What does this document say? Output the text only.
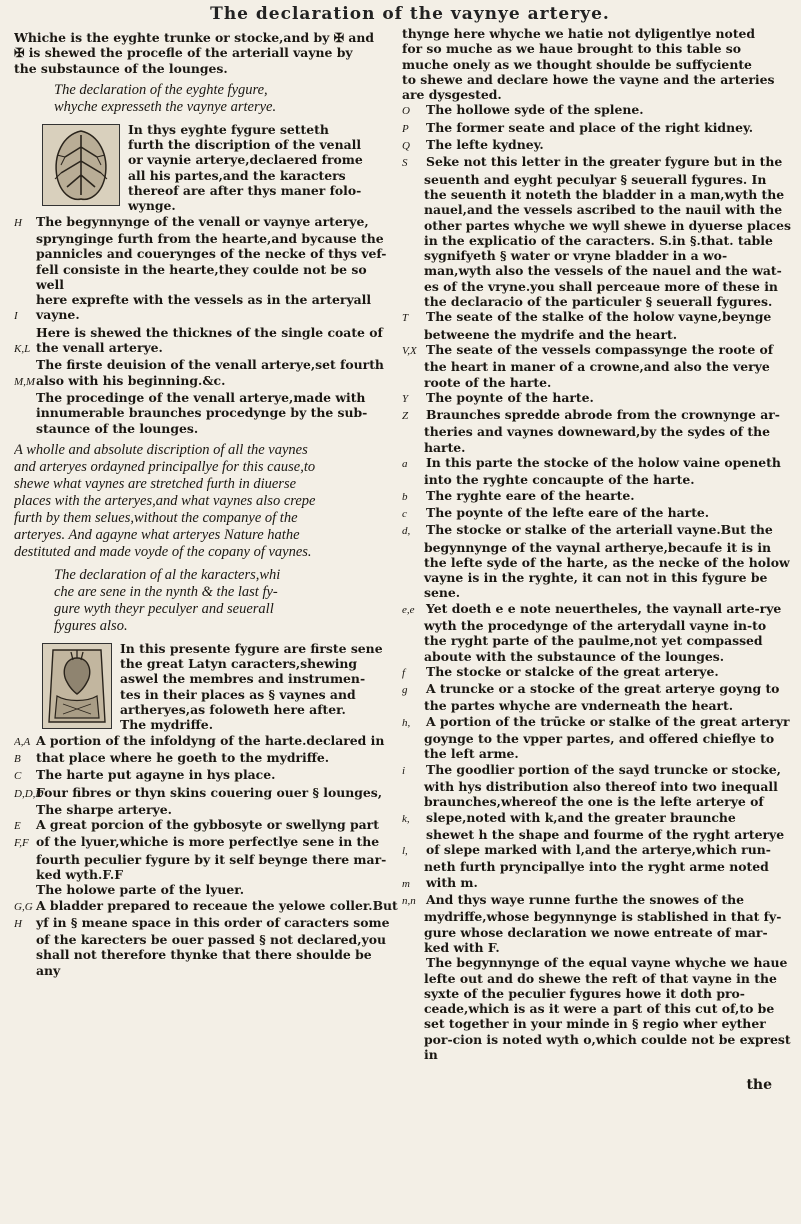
The declaration of the vaynye arterye.

Whiche is the eyghte trunke or stocke,and by ✠ and

✠ is shewed the procefle of the arteriall vayne by

the substaunce of the lounges.

The declaration of the eyghte fygure,

whyche expresseth the vaynye arterye.

In thys eyghte fygure setteth

furth the discription of the venall

or vaynie arterye,declaered frome

all his partes,and the karacters

thereof are after thys maner folo-

wynge.

H The begynnynge of the venall or vaynye arterye,

sprynginge furth from the hearte,and bycause the

pannicles and couerynges of the necke of thys vef-

fell consiste in the hearte,they coulde not be so well

here exprefte with the vessels as in the arteryall

I vayne.

Here is shewed the thicknes of the single coate of

K,L the venall arterye.

The firste deuision of the venall arterye,set fourth

M,Malso with his beginning.&c.

The procedinge of the venall arterye,made with

innumerable braunches procedynge by the sub-

staunce of the lounges.

A wholle and absolute discription of all the vaynes

and arteryes ordayned principallye for this cause,to

shewe what vaynes are stretched furth in diuerse

places with the arteryes,and what vaynes also crepe

furth by them selues,without the companye of the

arteryes. And agayne what arteryes Nature hathe

destituted and made voyde of the copany of vaynes.

The declaration of al the karacters,whi

che are sene in the nynth & the last fy-

gure wyth theyr peculyer and seuerall

fygures also.

In this presente fygure are firste sene

the great Latyn caracters,shewing

aswel the membres and instrumen-

tes in their places as § vaynes and

artheryes,as foloweth here after.

The mydriffe.

A,A A portion of the infoldyng of the harte.declared in

B that place where he goeth to the mydriffe.

C The harte put agayne in hys place.

D,D,DFour fibres or thyn skins couering ouer § lounges,

The sharpe arterye.

E A great porcion of the gybbosyte or swellyng part

F,F of the lyuer,whiche is more perfectlye sene in the

fourth peculier fygure by it self beynge there mar-

ked wyth.F.F

The holowe parte of the lyuer.

G,G A bladder prepared to receaue the yelowe coller.But

H yf in § meane space in this order of caracters some

of the karecters be ouer passed § not declared,you

shall not therefore thynke that there shoulde be any

thynge here whyche we hatie not dyligentlye noted

for so muche as we haue brought to this table so

muche onely as we thought shoulde be suffyciente

to shewe and declare howe the vayne and the arteries

are dysgested.

O The hollowe syde of the splene.

P The former seate and place of the right kidney.

Q The lefte kydney.

S Seke not this letter in the greater fygure but in the seuenth and eyght peculyar § seuerall fygures. In the seuenth it noteth the bladder in a man,wyth the nauel,and the vessels ascribed to the nauil with the other partes whyche we wyll shewe in dyuerse places in the explicatio of the caracters. S.in §.that. table sygnifyeth § water or vryne bladder in a wo-man,wyth also the vessels of the nauel and the wat-es of the vryne.you shall perceaue more of these in the declaracio of the particuler § seuerall fygures.

T The seate of the stalke of the holow vayne,beynge betweene the mydrife and the heart.

V,X The seate of the vessels compassynge the roote of the heart in maner of a crowne,and also the verye roote of the harte.

Y The poynte of the harte.

Z Braunches spredde abrode from the crownynge ar-theries and vaynes downeward,by the sydes of the harte.

a In this parte the stocke of the holow vaine openeth into the ryghte concaupte of the harte.

b The ryghte eare of the hearte.

c The poynte of the lefte eare of the harte.

d, The stocke or stalke of the arteriall vayne.But the begynnynge of the vaynal artherye,becaufe it is in the lefte syde of the harte, as the necke of the holow vayne is in the ryghte, it can not in this fygure be sene.

e,e Yet doeth e e note neuertheles, the vaynall arte-rye wyth the procedynge of the arterydall vayne in-to the ryght parte of the paulme,not yet compassed aboute with the substaunce of the lounges.

f The stocke or stalcke of the great arterye.

g A truncke or a stocke of the great arterye goyng to the partes whyche are vnderneath the heart.

h, A portion of the trūcke or stalke of the great arteryr goynge to the vpper partes, and offered chieflye to the left arme.

i The goodlier portion of the sayd truncke or stocke, with hys distribution also thereof into two inequall braunches,whereof the one is the lefte arterye of

k, slepe,noted with k,and the greater braunche

shewet h the shape and fourme of the ryght arterye

l, of slepe marked with l,and the arterye,which run-neth furth pryncipallye into the ryght arme noted

m with m.

n,n And thys waye runne furthe the snowes of the mydriffe,whose begynnynge is stablished in that fy-gure whose declaration we nowe entreate of mar-ked with F.

The begynnynge of the equal vayne whyche we haue lefte out and do shewe the reft of that vayne in the syxte of the peculier fygures howe it doth pro-ceade,which is as it were a part of this cut of,to be set together in your minde in § regio wher eyther por-cion is noted wyth o,which coulde not be exprest in

the
